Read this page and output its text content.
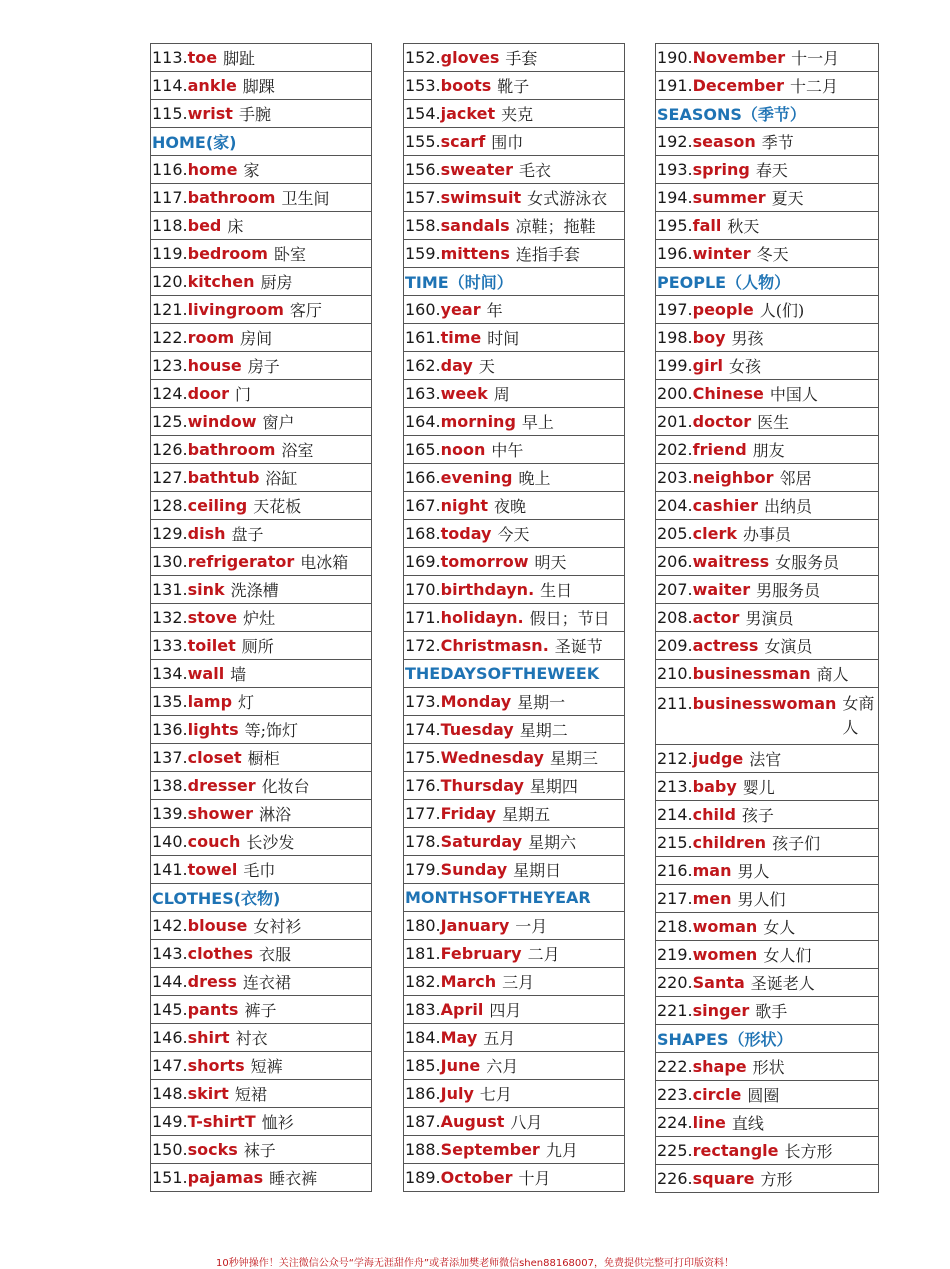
113. toe 脚趾
114. ankle 脚踝
115. wrist 手腕
HOME(家)
116. home 家
117. bathroom 卫生间
118. bed 床
119. bedroom 卧室
120. kitchen 厨房
121. livingroom 客厅
122. room 房间
123. house 房子
124. door 门
125. window 窗户
126. bathroom 浴室
127. bathtub 浴缸
128. ceiling 天花板
129. dish 盘子
130. refrigerator 电冰箱
131. sink 洗涤槽
132. stove 炉灶
133. toilet 厕所
134. wall 墙
135. lamp 灯
136. lights 等;饰灯
137. closet 橱柜
138. dresser 化妆台
139. shower 淋浴
140. couch 长沙发
141. towel 毛巾
CLOTHES(衣物)
142. blouse 女衬衫
143. clothes 衣服
144. dress 连衣裙
145. pants 裤子
146. shirt 衬衣
147. shorts 短裤
148. skirt 短裙
149. T-shirtT 恤衫
150. socks 袜子
151. pajamas 睡衣裤
152. gloves 手套
153. boots 靴子
154. jacket 夹克
155. scarf 围巾
156. sweater 毛衣
157. swimsuit 女式游泳衣
158. sandals 凉鞋；拖鞋
159. mittens 连指手套
TIME（时间）
160. year 年
161. time 时间
162. day 天
163. week 周
164. morning 早上
165. noon 中午
166. evening 晚上
167. night 夜晚
168. today 今天
169. tomorrow 明天
170. birthdayn. 生日
171. holidayn. 假日；节日
172. Christmasn. 圣诞节
THEDAYSOFTHEWEEK
173. Monday 星期一
174. Tuesday 星期二
175. Wednesday 星期三
176. Thursday 星期四
177. Friday 星期五
178. Saturday 星期六
179. Sunday 星期日
MONTHSOFTHEYEAR
180. January 一月
181. February 二月
182. March 三月
183. April 四月
184. May 五月
185. June 六月
186. July 七月
187. August 八月
188. September 九月
189. October 十月
190. November 十一月
191. December 十二月
SEASONS（季节）
192. season 季节
193. spring 春天
194. summer 夏天
195. fall 秋天
196. winter 冬天
PEOPLE（人物）
197. people 人(们)
198. boy 男孩
199. girl 女孩
200. Chinese 中国人
201. doctor 医生
202. friend 朋友
203. neighbor 邻居
204. cashier 出纳员
205. clerk 办事员
206. waitress 女服务员
207. waiter 男服务员
208. actor 男演员
209. actress 女演员
210. businessman 商人
211. businesswoman 女商人
212. judge 法官
213. baby 婴儿
214. child 孩子
215. children 孩子们
216. man 男人
217. men 男人们
218. woman 女人
219. women 女人们
220. Santa 圣诞老人
221. singer 歌手
SHAPES（形状）
222. shape 形状
223. circle 圆圈
224. line 直线
225. rectangle 长方形
226. square 方形
10秒钟操作！关注微信公众号“学海无涯甜作舟”或者添加樊老师微信shen88168007，免费提供完整可打印版资料！
